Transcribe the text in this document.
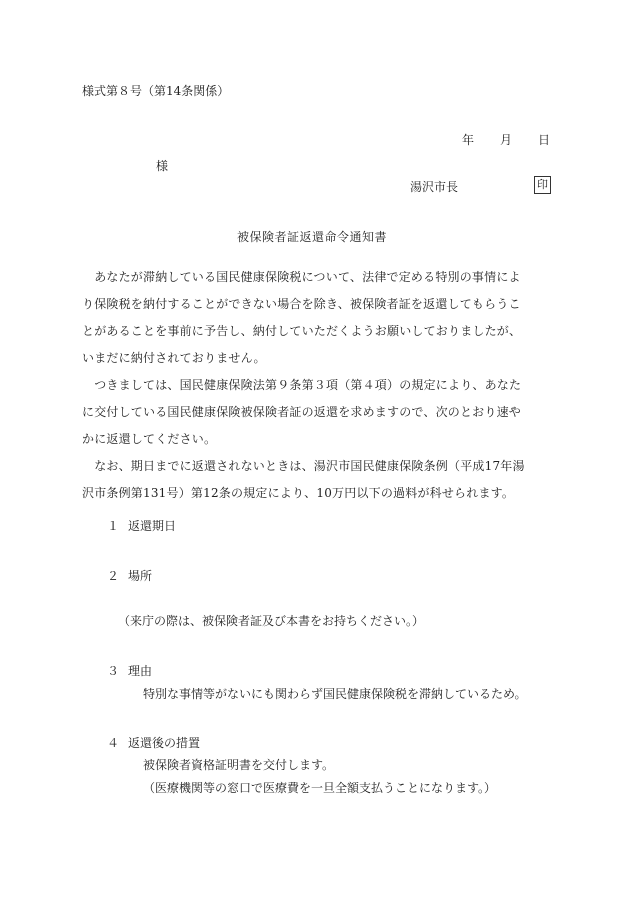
様式第８号（第14条関係）
年 月 日
様
湯沢市長	印
被保険者証返還命令通知書
　あなたが滞納している国民健康保険税について、法律で定める特別の事情によ
り保険税を納付することができない場合を除き、被保険者証を返還してもらうこ
とがあることを事前に予告し、納付していただくようお願いしておりましたが、
いまだに納付されておりません。
　つきましては、国民健康保険法第９条第３項（第４項）の規定により、あなた
に交付している国民健康保険被保険者証の返還を求めますので、次のとおり速や
かに返還してください。
　なお、期日までに返還されないときは、湯沢市国民健康保険条例（平成17年湯
沢市条例第131号）第12条の規定により、10万円以下の過料が科せられます。
１ 返還期日
２ 場所
（来庁の際は、被保険者証及び本書をお持ちください。）
３ 理由
特別な事情等がないにも関わらず国民健康保険税を滞納しているため。
４ 返還後の措置
被保険者資格証明書を交付します。
（医療機関等の窓口で医療費を一旦全額支払うことになります。）
